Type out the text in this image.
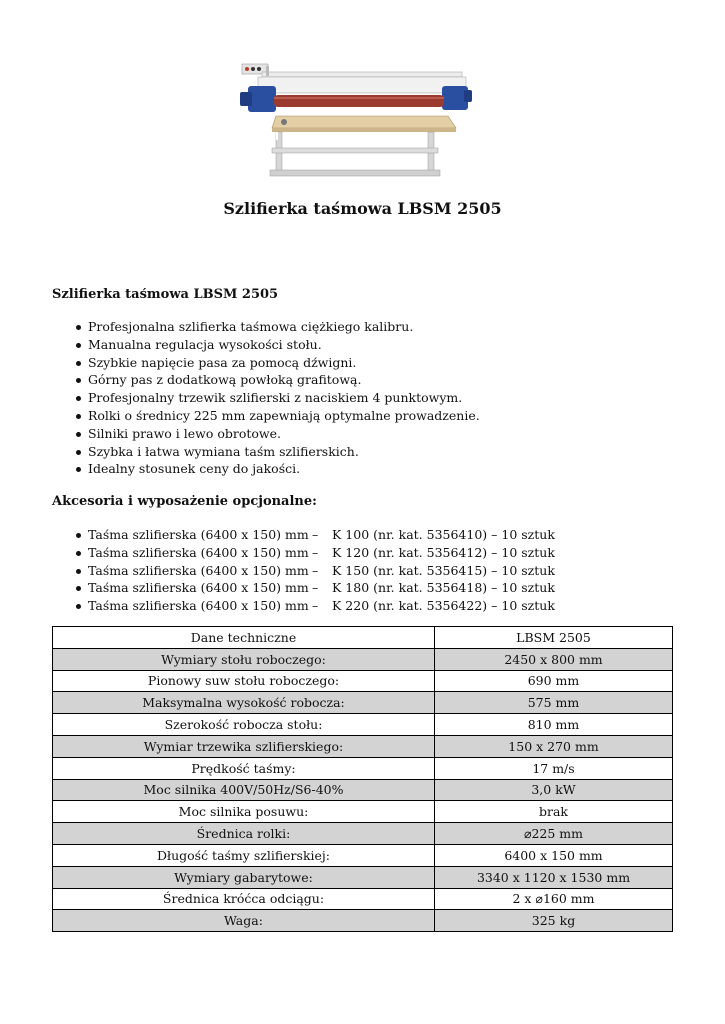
Szlifierka taśmowa LBSM 2505
Szlifierka taśmowa LBSM 2505
Profesjonalna szlifierka taśmowa ciężkiego kalibru.
Manualna regulacja wysokości stołu.
Szybkie napięcie pasa za pomocą dźwigni.
Górny pas z dodatkową powłoką grafitową.
Profesjonalny trzewik szlifierski z naciskiem 4 punktowym.
Rolki o średnicy 225 mm zapewniają optymalne prowadzenie.
Silniki prawo i lewo obrotowe.
Szybka i łatwa wymiana taśm szlifierskich.
Idealny stosunek ceny do jakości.
Akcesoria i wyposażenie opcjonalne:
Taśma szlifierska (6400 x 150) mm – K 100 (nr. kat. 5356410) – 10 sztuk
Taśma szlifierska (6400 x 150) mm – K 120 (nr. kat. 5356412) – 10 sztuk
Taśma szlifierska (6400 x 150) mm – K 150 (nr. kat. 5356415) – 10 sztuk
Taśma szlifierska (6400 x 150) mm – K 180 (nr. kat. 5356418) – 10 sztuk
Taśma szlifierska (6400 x 150) mm – K 220 (nr. kat. 5356422) – 10 sztuk
Dane techniczne	LBSM 2505
Wymiary stołu roboczego:	2450 x 800 mm
Pionowy suw stołu roboczego:	690 mm
Maksymalna wysokość robocza:	575 mm
Szerokość robocza stołu:	810 mm
Wymiar trzewika szlifierskiego:	150 x 270 mm
Prędkość taśmy:	17 m/s
Moc silnika 400V/50Hz/S6-40%	3,0 kW
Moc silnika posuwu:	brak
Średnica rolki:	⌀225 mm
Długość taśmy szlifierskiej:	6400 x 150 mm
Wymiary gabarytowe:	3340 x 1120 x 1530 mm
Średnica króćca odciągu:	2 x ⌀160 mm
Waga:	325 kg
